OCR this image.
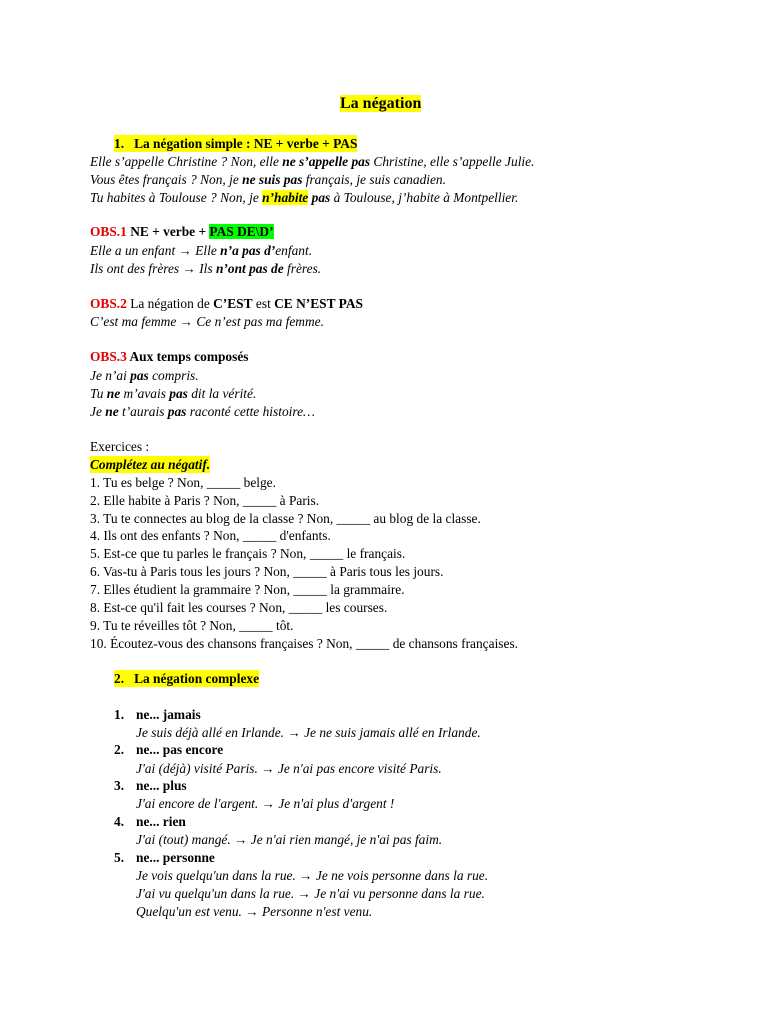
La négation
1.   La négation simple : NE + verbe + PAS
Elle s’appelle Christine ? Non, elle ne s’appelle pas Christine, elle s’appelle Julie.
Vous êtes français ? Non, je ne suis pas français, je suis canadien.
Tu habites à Toulouse ? Non, je n’habite pas à Toulouse, j’habite à Montpellier.
OBS.1 NE + verbe + PAS DE\D’
Elle a un enfant → Elle n’a pas d’enfant.
Ils ont des frères → Ils n’ont pas de frères.
OBS.2 La négation de C’EST est CE N’EST PAS
C’est ma femme → Ce n’est pas ma femme.
OBS.3 Aux temps composés
Je n’ai pas compris.
Tu ne m’avais pas dit la vérité.
Je ne t’aurais pas raconté cette histoire…
Exercices :
Complétez au négatif.
1. Tu es belge ? Non, _____ belge.
2. Elle habite à Paris ? Non, _____ à Paris.
3. Tu te connectes au blog de la classe ? Non, _____ au blog de la classe.
4. Ils ont des enfants ? Non, _____ d'enfants.
5. Est-ce que tu parles le français ? Non, _____ le français.
6. Vas-tu à Paris tous les jours ? Non, _____ à Paris tous les jours.
7. Elles étudient la grammaire ? Non, _____ la grammaire.
8. Est-ce qu'il fait les courses ? Non, _____ les courses.
9. Tu te réveilles tôt ? Non, _____ tôt.
10. Écoutez-vous des chansons françaises ? Non, _____ de chansons françaises.
2.   La négation complexe
1. ne... jamais
Je suis déjà allé en Irlande. → Je ne suis jamais allé en Irlande.
2. ne... pas encore
J'ai (déjà) visité Paris. → Je n'ai pas encore visité Paris.
3. ne... plus
J'ai encore de l'argent. → Je n'ai plus d'argent !
4. ne... rien
J'ai (tout) mangé. → Je n'ai rien mangé, je n'ai pas faim.
5. ne... personne
Je vois quelqu'un dans la rue. → Je ne vois personne dans la rue.
J'ai vu quelqu'un dans la rue. → Je n'ai vu personne dans la rue.
Quelqu'un est venu. → Personne n'est venu.
